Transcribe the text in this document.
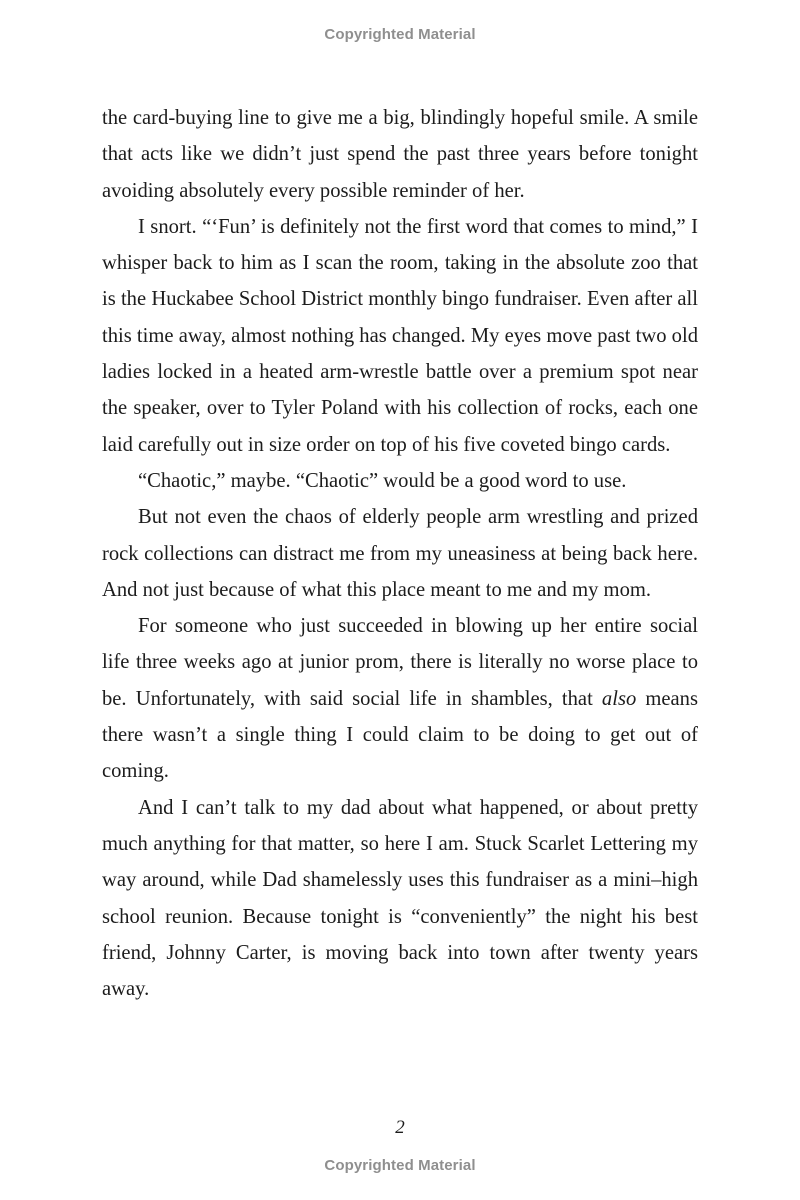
Copyrighted Material

the card-buying line to give me a big, blindingly hopeful smile. A smile that acts like we didn’t just spend the past three years before tonight avoiding absolutely every possible reminder of her.

I snort. “‘Fun’ is definitely not the first word that comes to mind,” I whisper back to him as I scan the room, taking in the absolute zoo that is the Huckabee School District monthly bingo fundraiser. Even after all this time away, almost nothing has changed. My eyes move past two old ladies locked in a heated arm-wrestle battle over a premium spot near the speaker, over to Tyler Poland with his collection of rocks, each one laid carefully out in size order on top of his five coveted bingo cards.

“Chaotic,” maybe. “Chaotic” would be a good word to use.

But not even the chaos of elderly people arm wrestling and prized rock collections can distract me from my uneasiness at being back here. And not just because of what this place meant to me and my mom.

For someone who just succeeded in blowing up her entire social life three weeks ago at junior prom, there is literally no worse place to be. Unfortunately, with said social life in shambles, that also means there wasn’t a single thing I could claim to be doing to get out of coming.

And I can’t talk to my dad about what happened, or about pretty much anything for that matter, so here I am. Stuck Scarlet Lettering my way around, while Dad shamelessly uses this fundraiser as a mini–high school reunion. Because tonight is “conveniently” the night his best friend, Johnny Carter, is moving back into town after twenty years away.

2
Copyrighted Material
